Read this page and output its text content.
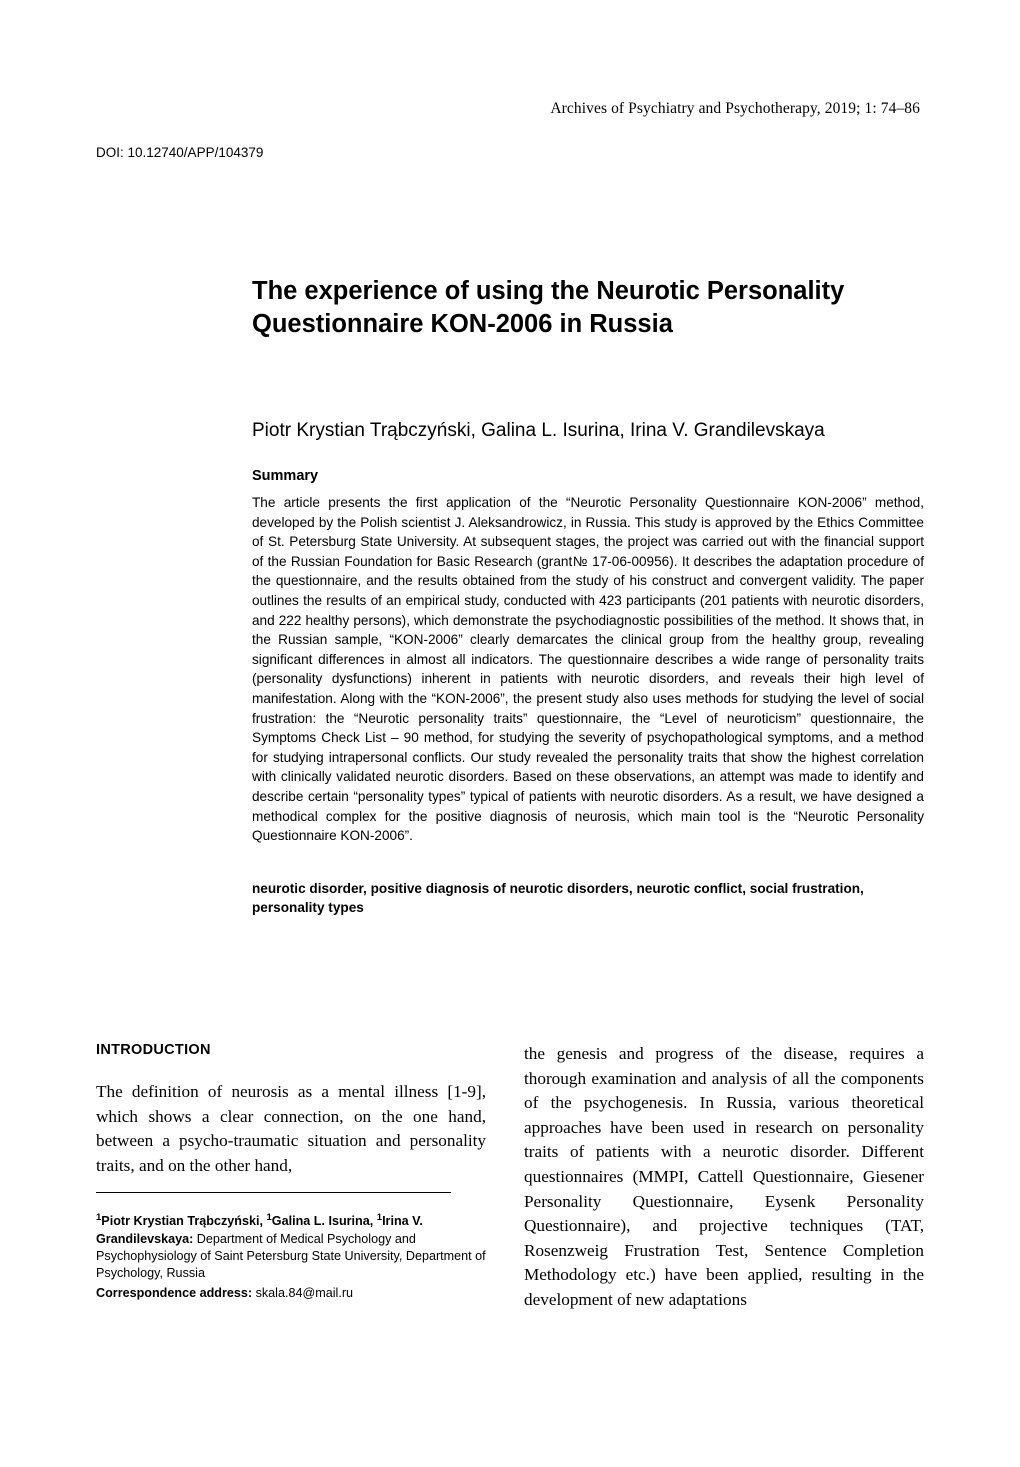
Archives of Psychiatry and Psychotherapy, 2019; 1: 74–86
DOI: 10.12740/APP/104379
The experience of using the Neurotic Personality Questionnaire KON-2006 in Russia
Piotr Krystian Trąbczyński, Galina L. Isurina, Irina V. Grandilevskaya
Summary

The article presents the first application of the “Neurotic Personality Questionnaire KON-2006” method, developed by the Polish scientist J. Aleksandrowicz, in Russia. This study is approved by the Ethics Committee of St. Petersburg State University. At subsequent stages, the project was carried out with the financial support of the Russian Foundation for Basic Research (grant№ 17-06-00956). It describes the adaptation procedure of the questionnaire, and the results obtained from the study of his construct and convergent validity. The paper outlines the results of an empirical study, conducted with 423 participants (201 patients with neurotic disorders, and 222 healthy persons), which demonstrate the psychodiagnostic possibilities of the method. It shows that, in the Russian sample, “KON-2006” clearly demarcates the clinical group from the healthy group, revealing significant differences in almost all indicators. The questionnaire describes a wide range of personality traits (personality dysfunctions) inherent in patients with neurotic disorders, and reveals their high level of manifestation. Along with the “KON-2006”, the present study also uses methods for studying the level of social frustration: the “Neurotic personality traits” questionnaire, the “Level of neuroticism” questionnaire, the Symptoms Check List – 90 method, for studying the severity of psychopathological symptoms, and a method for studying intrapersonal conflicts. Our study revealed the personality traits that show the highest correlation with clinically validated neurotic disorders. Based on these observations, an attempt was made to identify and describe certain “personality types” typical of patients with neurotic disorders. As a result, we have designed a methodical complex for the positive diagnosis of neurosis, which main tool is the “Neurotic Personality Questionnaire KON-2006”.

neurotic disorder, positive diagnosis of neurotic disorders, neurotic conflict, social frustration, personality types
INTRODUCTION

The definition of neurosis as a mental illness [1-9], which shows a clear connection, on the one hand, between a psycho-traumatic situation and personality traits, and on the other hand,

the genesis and progress of the disease, requires a thorough examination and analysis of all the components of the psychogenesis. In Russia, various theoretical approaches have been used in research on personality traits of patients with a neurotic disorder. Different questionnaires (MMPI, Cattell Questionnaire, Giesener Personality Questionnaire, Eysenk Personality Questionnaire), and projective techniques (TAT, Rosenzweig Frustration Test, Sentence Completion Methodology etc.) have been applied, resulting in the development of new adaptations

$^1$Piotr Krystian Trąbczyński, $^1$Galina L. Isurina, $^1$Irina V. Grandilevskaya: Department of Medical Psychology and Psychophysiology of Saint Petersburg State University, Department of Psychology, Russia

Correspondence address: skala.84@mail.ru
